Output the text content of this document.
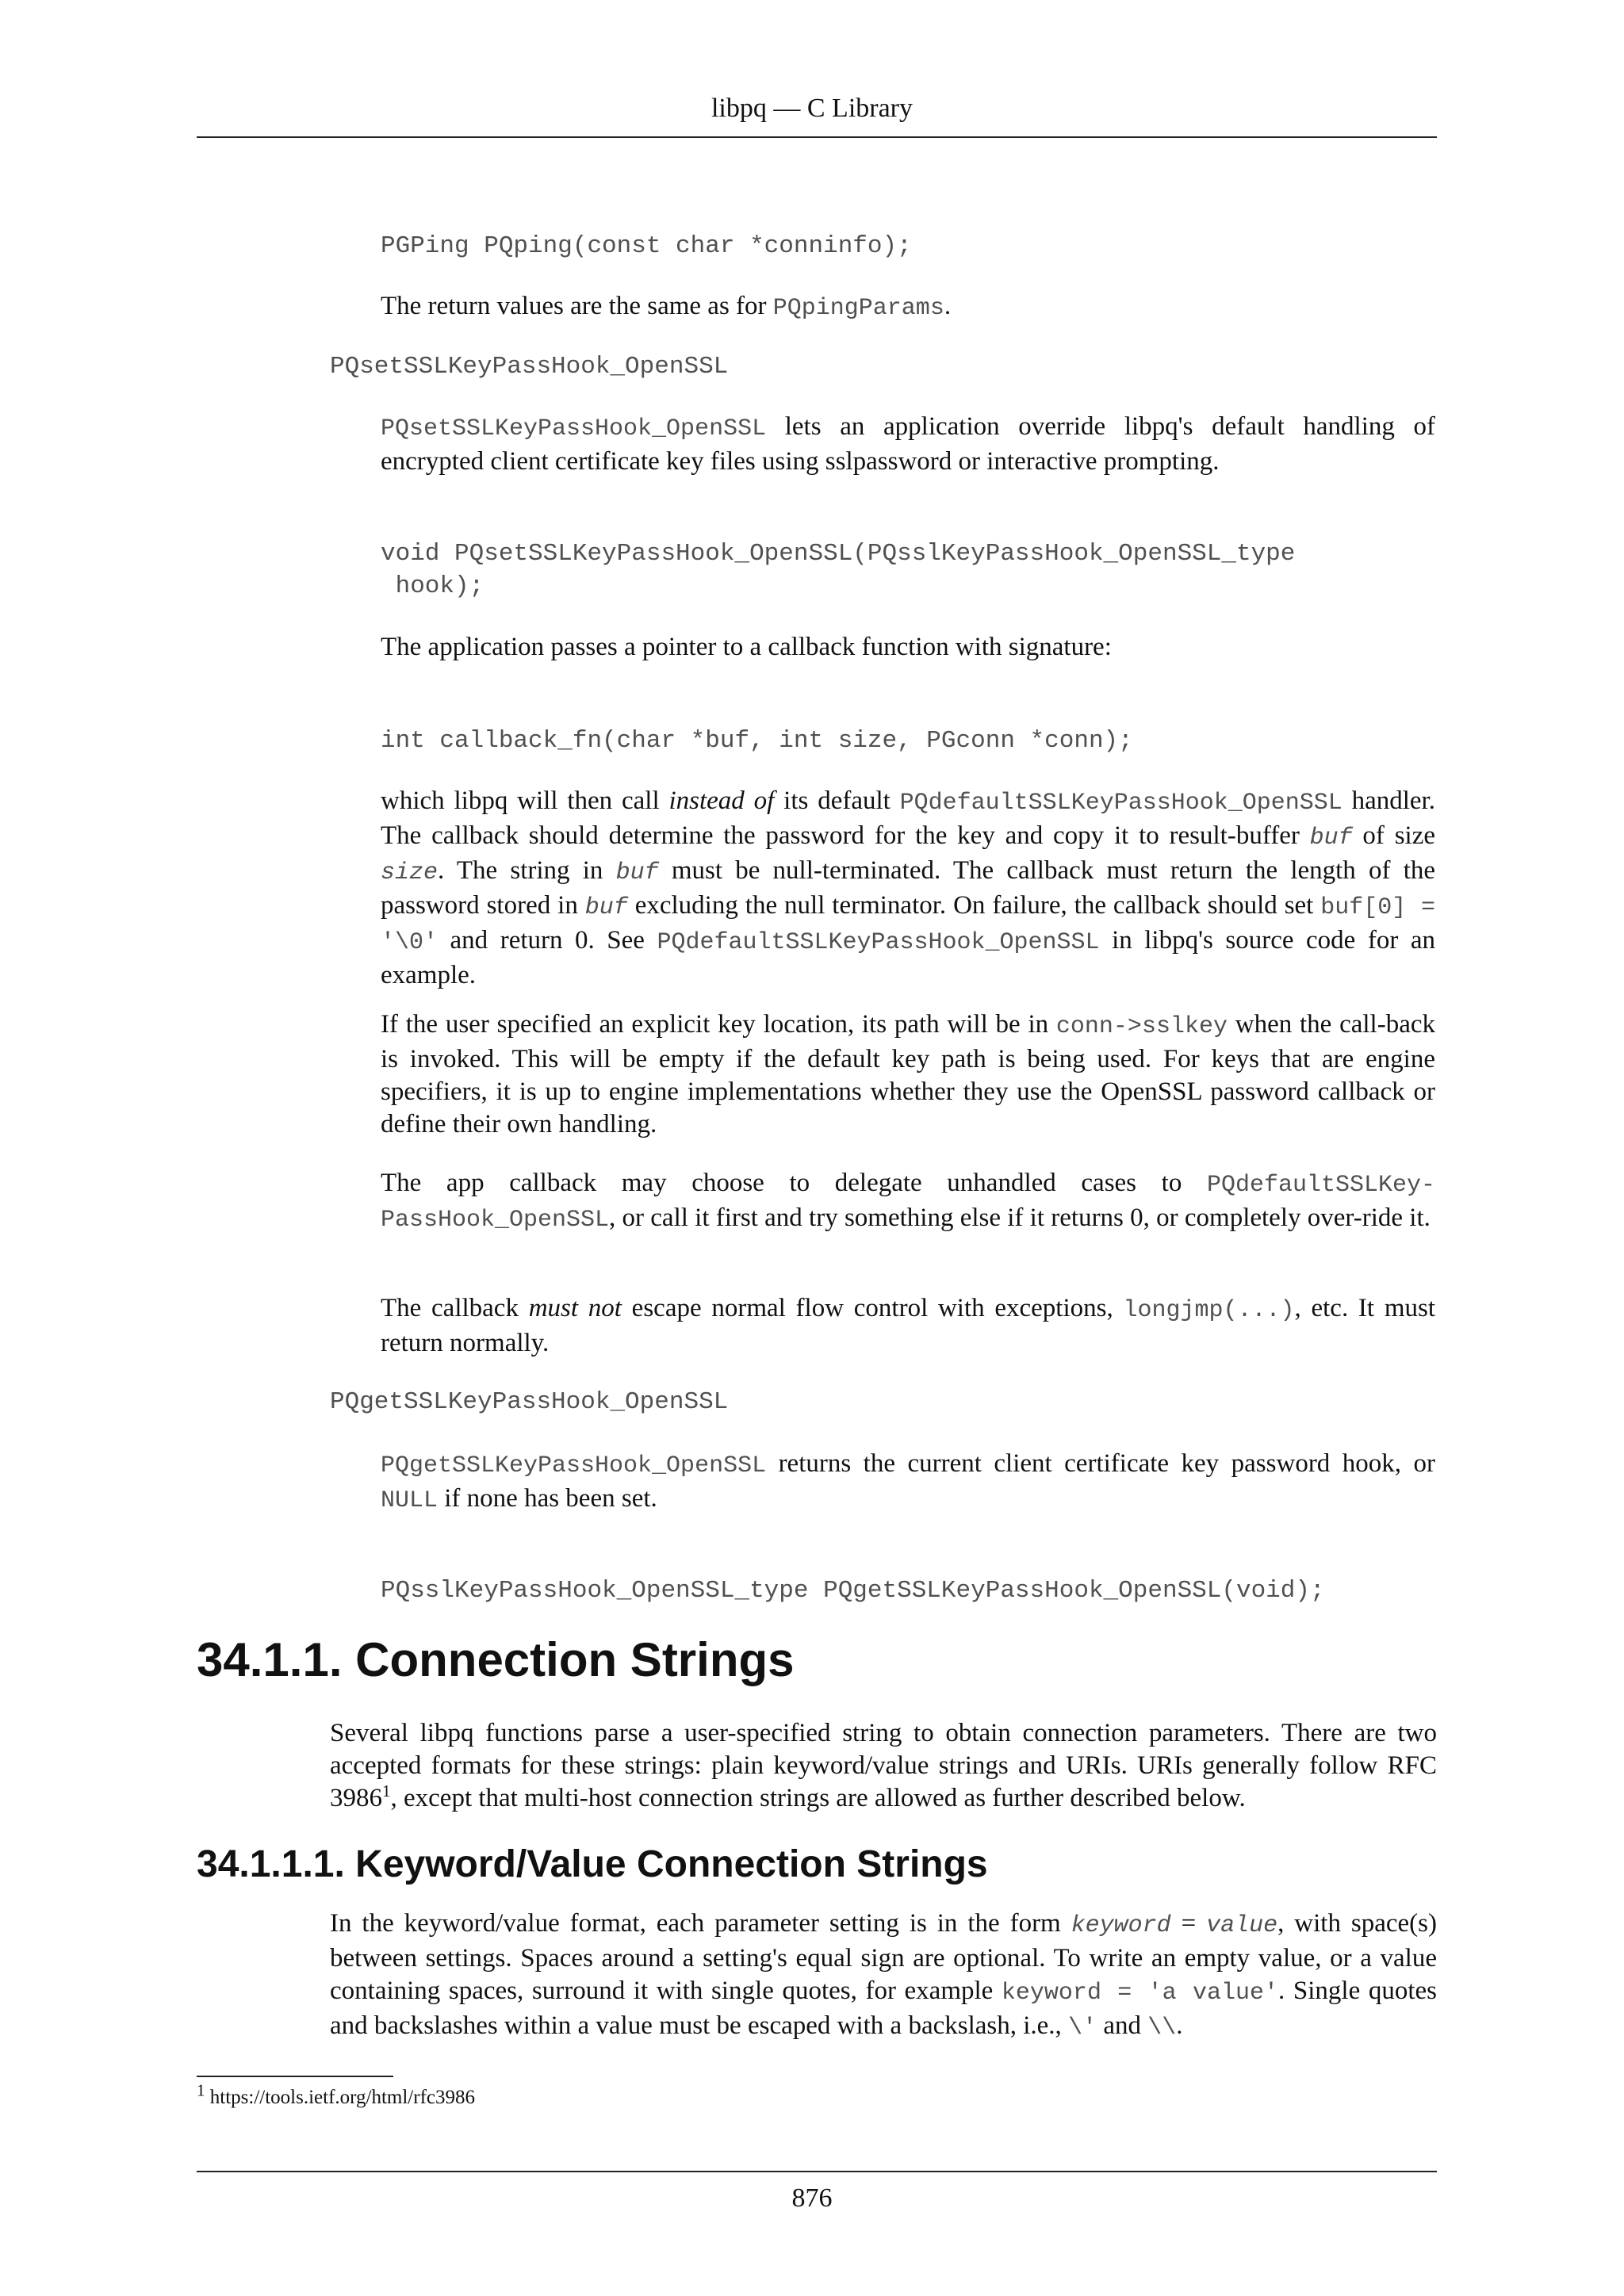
libpq — C Library
PGPing PQping(const char *conninfo);
The return values are the same as for PQpingParams.
PQsetSSLKeyPassHook_OpenSSL
PQsetSSLKeyPassHook_OpenSSL lets an application override libpq's default handling of encrypted client certificate key files using sslpassword or interactive prompting.
void PQsetSSLKeyPassHook_OpenSSL(PQsslKeyPassHook_OpenSSL_type
hook);
The application passes a pointer to a callback function with signature:
int callback_fn(char *buf, int size, PGconn *conn);
which libpq will then call instead of its default PQdefaultSSLKeyPassHook_OpenSSL handler. The callback should determine the password for the key and copy it to result-buffer buf of size size. The string in buf must be null-terminated. The callback must return the length of the password stored in buf excluding the null terminator. On failure, the callback should set buf[0] = '\0' and return 0. See PQdefaultSSLKeyPassHook_OpenSSL in libpq's source code for an example.
If the user specified an explicit key location, its path will be in conn->sslkey when the call-back is invoked. This will be empty if the default key path is being used. For keys that are engine specifiers, it is up to engine implementations whether they use the OpenSSL password callback or define their own handling.
The app callback may choose to delegate unhandled cases to PQdefaultSSLKey-PassHook_OpenSSL, or call it first and try something else if it returns 0, or completely over-ride it.
The callback must not escape normal flow control with exceptions, longjmp(...), etc. It must return normally.
PQgetSSLKeyPassHook_OpenSSL
PQgetSSLKeyPassHook_OpenSSL returns the current client certificate key password hook, or NULL if none has been set.
PQsslKeyPassHook_OpenSSL_type PQgetSSLKeyPassHook_OpenSSL(void);
34.1.1. Connection Strings
Several libpq functions parse a user-specified string to obtain connection parameters. There are two accepted formats for these strings: plain keyword/value strings and URIs. URIs generally follow RFC 3986$^1$, except that multi-host connection strings are allowed as further described below.
34.1.1.1. Keyword/Value Connection Strings
In the keyword/value format, each parameter setting is in the form keyword = value, with space(s) between settings. Spaces around a setting's equal sign are optional. To write an empty value, or a value containing spaces, surround it with single quotes, for example keyword = 'a value'. Single quotes and backslashes within a value must be escaped with a backslash, i.e., \' and \\.
$^1$ https://tools.ietf.org/html/rfc3986
876
